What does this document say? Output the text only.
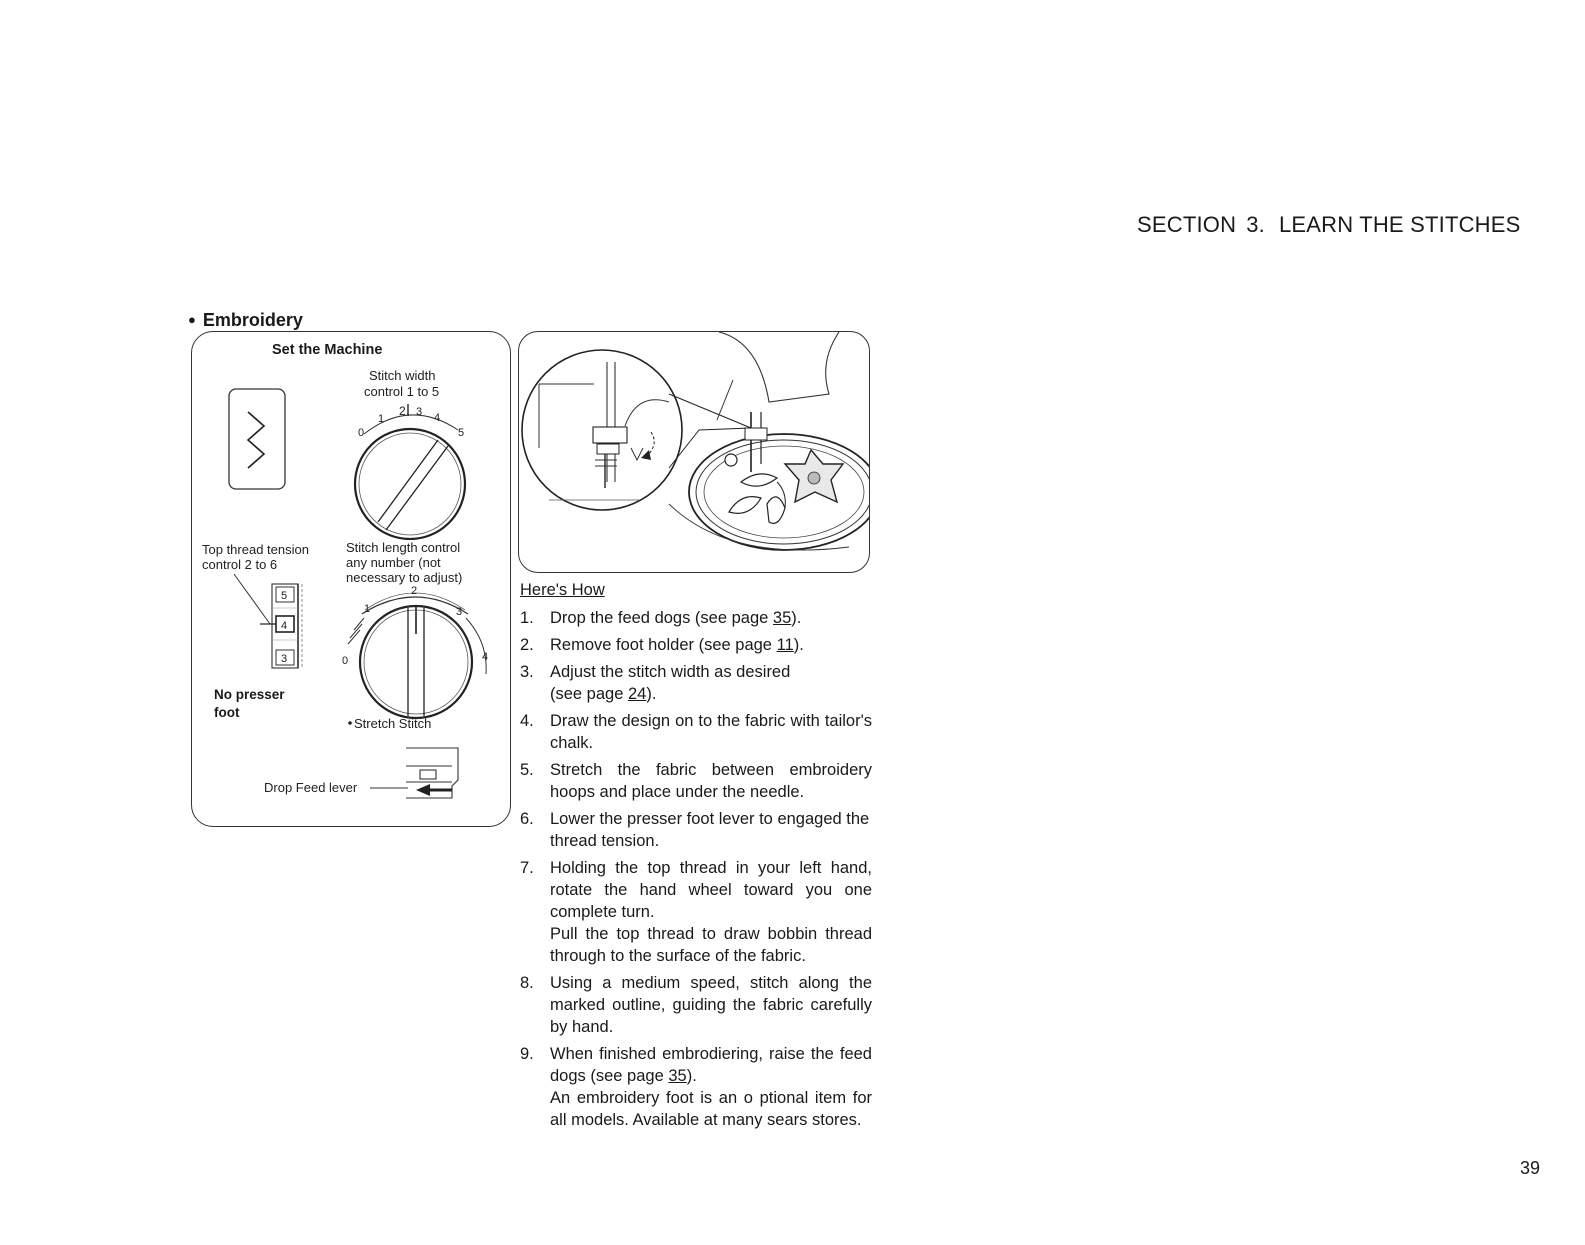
SECTION 3. LEARN THE STITCHES
● Embroidery
Set the Machine
Stitch width
control 1 to 5
0
1
2 3 4
5
Top thread tension
control 2 to 6
5
4
3
No presser
foot
Stitch length control
any number (not
necessary to adjust)
0
1
2
3
4
Stretch Stitch
Drop Feed lever
Here's How
1. Drop the feed dogs (see page 35).
2. Remove foot holder (see page 11).
3. Adjust the stitch width as desired
(see page 24).
4. Draw the design on to the fabric with tailor's chalk.
5. Stretch the fabric between embroidery hoops and place under the needle.
6. Lower the presser foot lever to engaged the thread tension.
7. Holding the top thread in your left hand, rotate the hand wheel toward you one complete turn.
Pull the top thread to draw bobbin thread through to the surface of the fabric.
8. Using a medium speed, stitch along the marked outline, guiding the fabric carefully by hand.
9. When finished embrodiering, raise the feed dogs (see page 35).
An embroidery foot is an o ptional item for all models. Available at many sears stores.
39
